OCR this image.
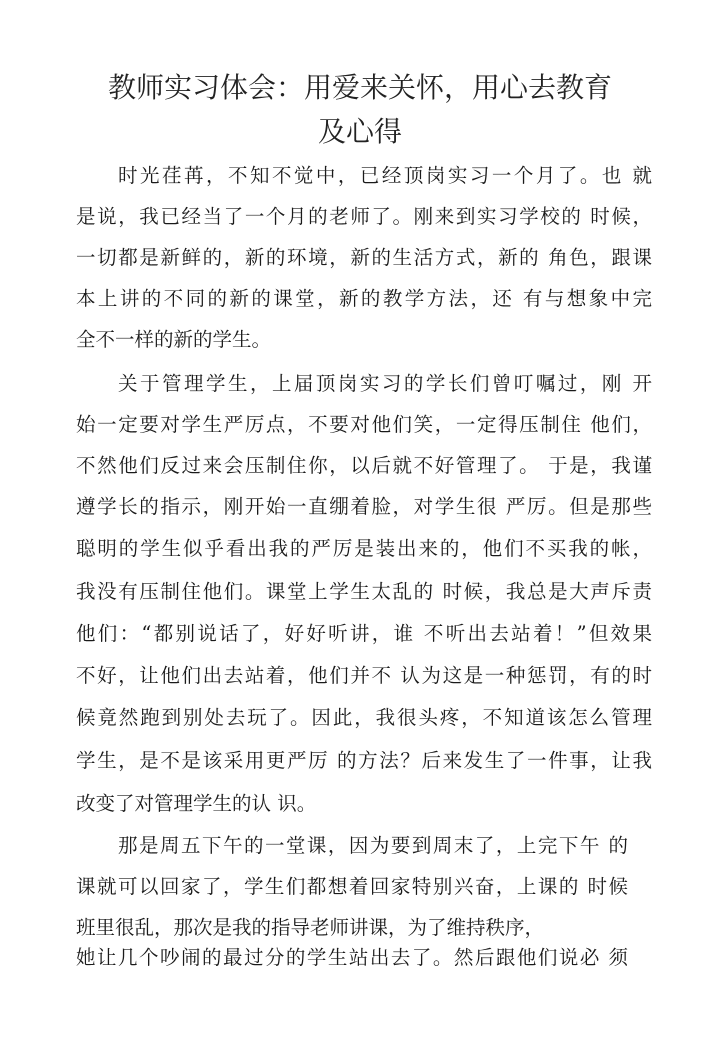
教师实习体会：用爱来关怀，用心去教育
及心得
时光荏苒，不知不觉中，已经顶岗实习一个月了。也 就
是说，我已经当了一个月的老师了。刚来到实习学校的 时候，
一切都是新鲜的，新的环境，新的生活方式，新的 角色，跟课
本上讲的不同的新的课堂，新的教学方法，还 有与想象中完
全不一样的新的学生。
关于管理学生，上届顶岗实习的学长们曾叮嘱过，刚 开
始一定要对学生严厉点，不要对他们笑，一定得压制住 他们，
不然他们反过来会压制住你，以后就不好管理了。 于是，我谨
遵学长的指示，刚开始一直绷着脸，对学生很 严厉。但是那些
聪明的学生似乎看出我的严厉是装出来的，他们不买我的帐，
我没有压制住他们。课堂上学生太乱的 时候，我总是大声斥责
他们：“都别说话了，好好听讲，谁 不听出去站着！”但效果
不好，让他们出去站着，他们并不 认为这是一种惩罚，有的时
候竟然跑到别处去玩了。因此，我很头疼，不知道该怎么管理
学生，是不是该采用更严厉 的方法？后来发生了一件事，让我
改变了对管理学生的认 识。
那是周五下午的一堂课，因为要到周末了，上完下午 的
课就可以回家了，学生们都想着回家特别兴奋，上课的 时候
班里很乱，那次是我的指导老师讲课，为了维持秩序，
她让几个吵闹的最过分的学生站出去了。然后跟他们说必 须
